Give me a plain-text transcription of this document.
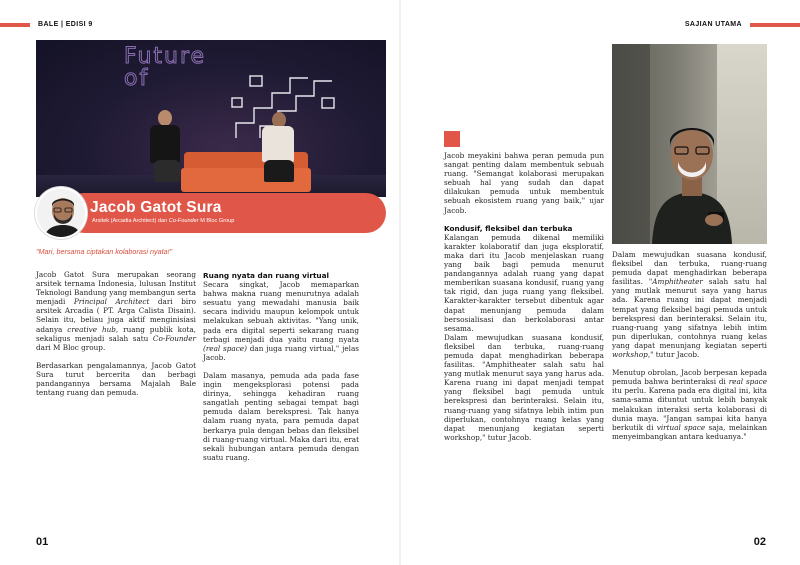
BALE | EDISI 9	SAJIAN UTAMA
Future
of
Jacob Gatot Sura
Arsitek (Arcadia Architect) dan Co-Founder M Bloc Group
"Mari, bersama ciptakan kolaborasi nyata!"

Jacob Gatot Sura merupakan seorang arsitek ternama Indonesia, lulusan Institut Teknologi Bandung yang membangun serta menjadi Principal Architect dari biro arsitek Arcadia ( PT. Arga Calista Disain). Selain itu, beliau juga aktif menginisiasi adanya creative hub, ruang publik kota, sekaligus menjadi salah satu Co-Founder dari M Bloc group.

Berdasarkan pengalamannya, Jacob Gatot Sura turut bercerita dan berbagi pandangannya bersama Majalah Bale tentang ruang dan pemuda.

Ruang nyata dan ruang virtual

Secara singkat, Jacob memaparkan bahwa makna ruang menurutnya adalah sesuatu yang mewadahi manusia baik secara individu maupun kelompok untuk melakukan sebuah aktivitas. "Yang unik, pada era digital seperti sekarang ruang terbagi menjadi dua yaitu ruang nyata (real space) dan juga ruang virtual," jelas Jacob.

Dalam masanya, pemuda ada pada fase ingin mengeksplorasi potensi pada dirinya, sehingga kehadiran ruang sangatlah penting sebagai tempat bagi pemuda dalam berekspresi. Tak hanya dalam ruang nyata, para pemuda dapat berkarya pula dengan bebas dan fleksibel di ruang-ruang virtual. Maka dari itu, erat sekali hubungan antara pemuda dengan suatu ruang.

Jacob meyakini bahwa peran pemuda pun sangat penting dalam membentuk sebuah ruang. "Semangat kolaborasi merupakan sebuah hal yang sudah dan dapat dilakukan pemuda untuk membentuk sebuah ekosistem ruang yang baik," ujar Jacob.

Kondusif, fleksibel dan terbuka

Kalangan pemuda dikenal memiliki karakter kolaboratif dan juga eksploratif, maka dari itu Jacob menjelaskan ruang yang baik bagi pemuda menurut pandangannya adalah ruang yang dapat memberikan suasana kondusif, ruang yang tak rigid, dan juga ruang yang fleksibel. Karakter-karakter tersebut dibentuk agar dapat menunjang pemuda dalam bersosialisasi dan berkolaborasi antar sesama.

Dalam mewujudkan suasana kondusif, fleksibel dan terbuka, ruang-ruang pemuda dapat menghadirkan beberapa fasilitas. "Amphitheater salah satu hal yang mutlak menurut saya yang harus ada. Karena ruang ini dapat menjadi tempat yang fleksibel bagi pemuda untuk berekspresi dan berinteraksi. Selain itu, ruang-ruang yang sifatnya lebih intim pun diperlukan, contohnya ruang kelas yang dapat menunjang kegiatan seperti workshop," tutur Jacob.

Dalam mewujudkan suasana kondusif, fleksibel dan terbuka, ruang-ruang pemuda dapat menghadirkan beberapa fasilitas. "Amphitheater salah satu hal yang mutlak menurut saya yang harus ada. Karena ruang ini dapat menjadi tempat yang fleksibel bagi pemuda untuk berekspresi dan berinteraksi. Selain itu, ruang-ruang yang sifatnya lebih intim pun diperlukan, contohnya ruang kelas yang dapat menunjang kegiatan seperti workshop," tutur Jacob.

Menutup obrolan, Jacob berpesan kepada pemuda bahwa berinteraksi di real space itu perlu. Karena pada era digital ini, kita sama-sama dituntut untuk lebih banyak melakukan interaksi serta kolaborasi di dunia maya. "Jangan sampai kita hanya berkutik di virtual space saja, melainkan menyeimbangkan antara keduanya."

01	02
